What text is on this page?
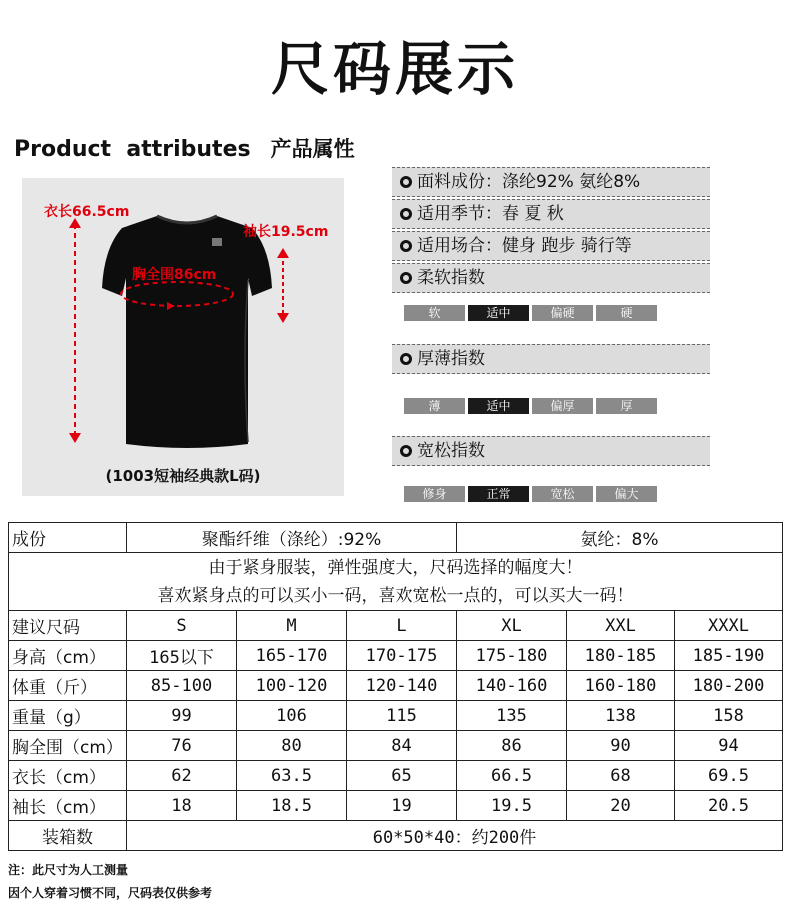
尺码展示
Product  attributes 产品属性
衣长66.5cm
袖长19.5cm
胸全围86cm
(1003短袖经典款L码)
面料成份：涤纶92% 氨纶8%
适用季节：春 夏 秋
适用场合：健身 跑步 骑行等
柔软指数
软	适中	偏硬	硬
厚薄指数
薄	适中	偏厚	厚
宽松指数
修身	正常	宽松	偏大
成份	聚酯纤维（涤纶）:92%			氨纶：8%		

由于紧身服装，弹性强度大，尺码选择的幅度大！
喜欢紧身点的可以买小一码，喜欢宽松一点的，可以买大一码！						

建议尺码	S	M	L	XL	XXL	XXXL
身高（cm）	165以下	165-170	170-175	175-180	180-185	185-190
体重（斤）	85-100	100-120	120-140	140-160	160-180	180-200
重量（g）	99	106	115	135	138	158
胸全围（cm）	76	80	84	86	90	94
衣长（cm）	62	63.5	65	66.5	68	69.5
袖长（cm）	18	18.5	19	19.5	20	20.5
装箱数	60*50*40：约200件					
注：此尺寸为人工测量
因个人穿着习惯不同，尺码表仅供参考
